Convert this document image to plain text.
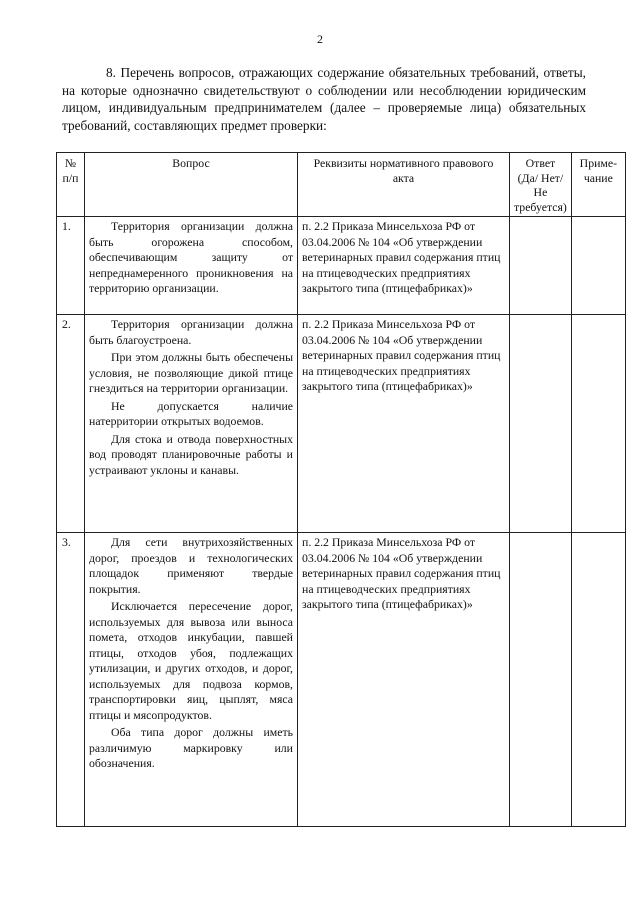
2
8. Перечень вопросов, отражающих содержание обязательных требований, ответы, на которые однозначно свидетельствуют о соблюдении или несоблюдении юридическим лицом, индивидуальным предпринимателем (далее – проверяемые лица) обязательных требований, составляющих предмет проверки:
№ п/п	Вопрос	Реквизиты нормативного правового акта	Ответ (Да/ Нет/ Не требуется)	Приме-чание
1.	Территория организации должна быть огорожена способом, обеспечивающим защиту от непреднамеренного проникновения на территорию организации.	п. 2.2 Приказа Минсельхоза РФ от 03.04.2006 № 104 «Об утверждении ветеринарных правил содержания птиц на птицеводческих предприятиях закрытого типа (птицефабриках)»		
2.	Территория организации должна быть благоустроена.

При этом должны быть обеспечены условия, не позволяющие дикой птице гнездиться на территории организации.

Не допускается наличие натерритории открытых водоемов.

Для стока и отвода поверхностных вод проводят планировочные работы и устраивают уклоны и канавы.	п. 2.2 Приказа Минсельхоза РФ от 03.04.2006 № 104 «Об утверждении ветеринарных правил содержания птиц на птицеводческих предприятиях закрытого типа (птицефабриках)»		
3.	Для сети внутрихозяйственных дорог, проездов и технологических площадок применяют твердые покрытия.

Исключается пересечение дорог, используемых для вывоза или выноса помета, отходов инкубации, павшей птицы, отходов убоя, подлежащих утилизации, и других отходов, и дорог, используемых для подвоза кормов, транспортировки яиц, цыплят, мяса птицы и мясопродуктов.

Оба типа дорог должны иметь различимую маркировку или обозначения.	п. 2.2 Приказа Минсельхоза РФ от 03.04.2006 № 104 «Об утверждении ветеринарных правил содержания птиц на птицеводческих предприятиях закрытого типа (птицефабриках)»		
